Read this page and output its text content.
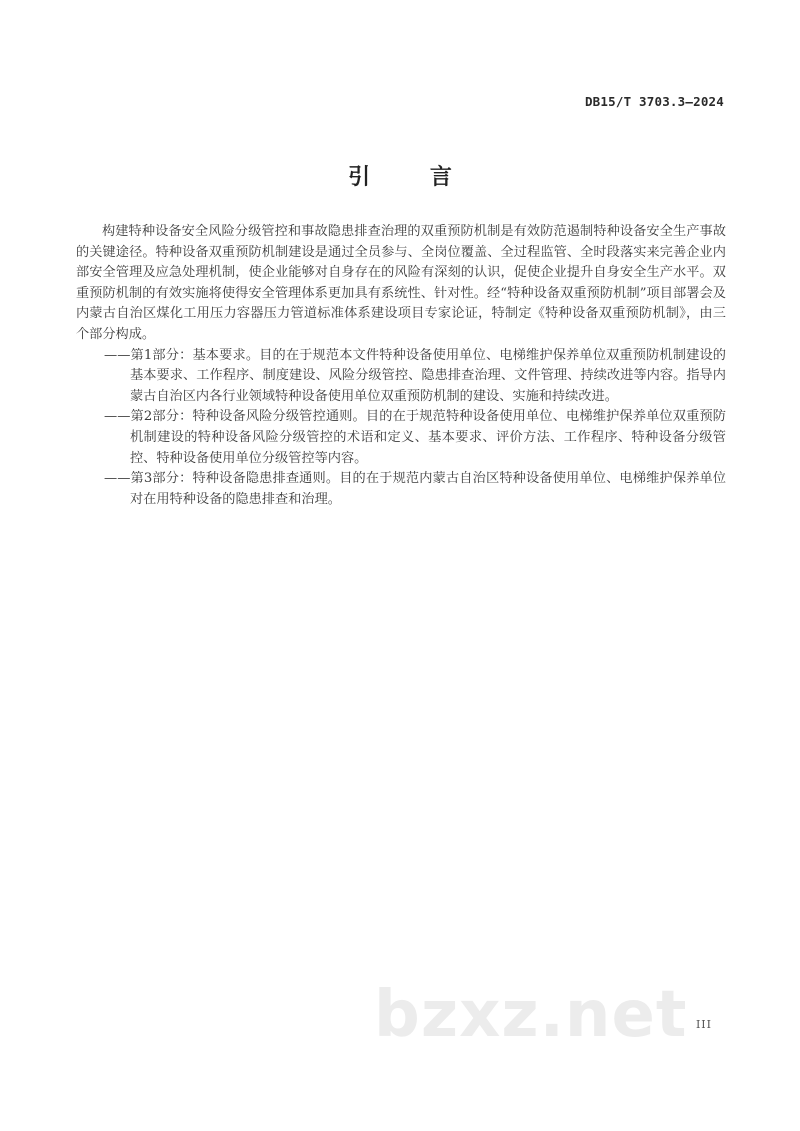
DB15/T 3703.3—2024
引 言

构建特种设备安全风险分级管控和事故隐患排查治理的双重预防机制是有效防范遏制特种设备安全生产事故的关键途径。特种设备双重预防机制建设是通过全员参与、全岗位覆盖、全过程监管、全时段落实来完善企业内部安全管理及应急处理机制，使企业能够对自身存在的风险有深刻的认识，促使企业提升自身安全生产水平。双重预防机制的有效实施将使得安全管理体系更加具有系统性、针对性。经“特种设备双重预防机制”项目部署会及内蒙古自治区煤化工用压力容器压力管道标准体系建设项目专家论证，特制定《特种设备双重预防机制》，由三个部分构成。

——第1部分：基本要求。目的在于规范本文件特种设备使用单位、电梯维护保养单位双重预防机制建设的基本要求、工作程序、制度建设、风险分级管控、隐患排查治理、文件管理、持续改进等内容。指导内蒙古自治区内各行业领域特种设备使用单位双重预防机制的建设、实施和持续改进。

——第2部分：特种设备风险分级管控通则。目的在于规范特种设备使用单位、电梯维护保养单位双重预防机制建设的特种设备风险分级管控的术语和定义、基本要求、评价方法、工作程序、特种设备分级管控、特种设备使用单位分级管控等内容。

——第3部分：特种设备隐患排查通则。目的在于规范内蒙古自治区特种设备使用单位、电梯维护保养单位对在用特种设备的隐患排查和治理。

bzxz.net III
